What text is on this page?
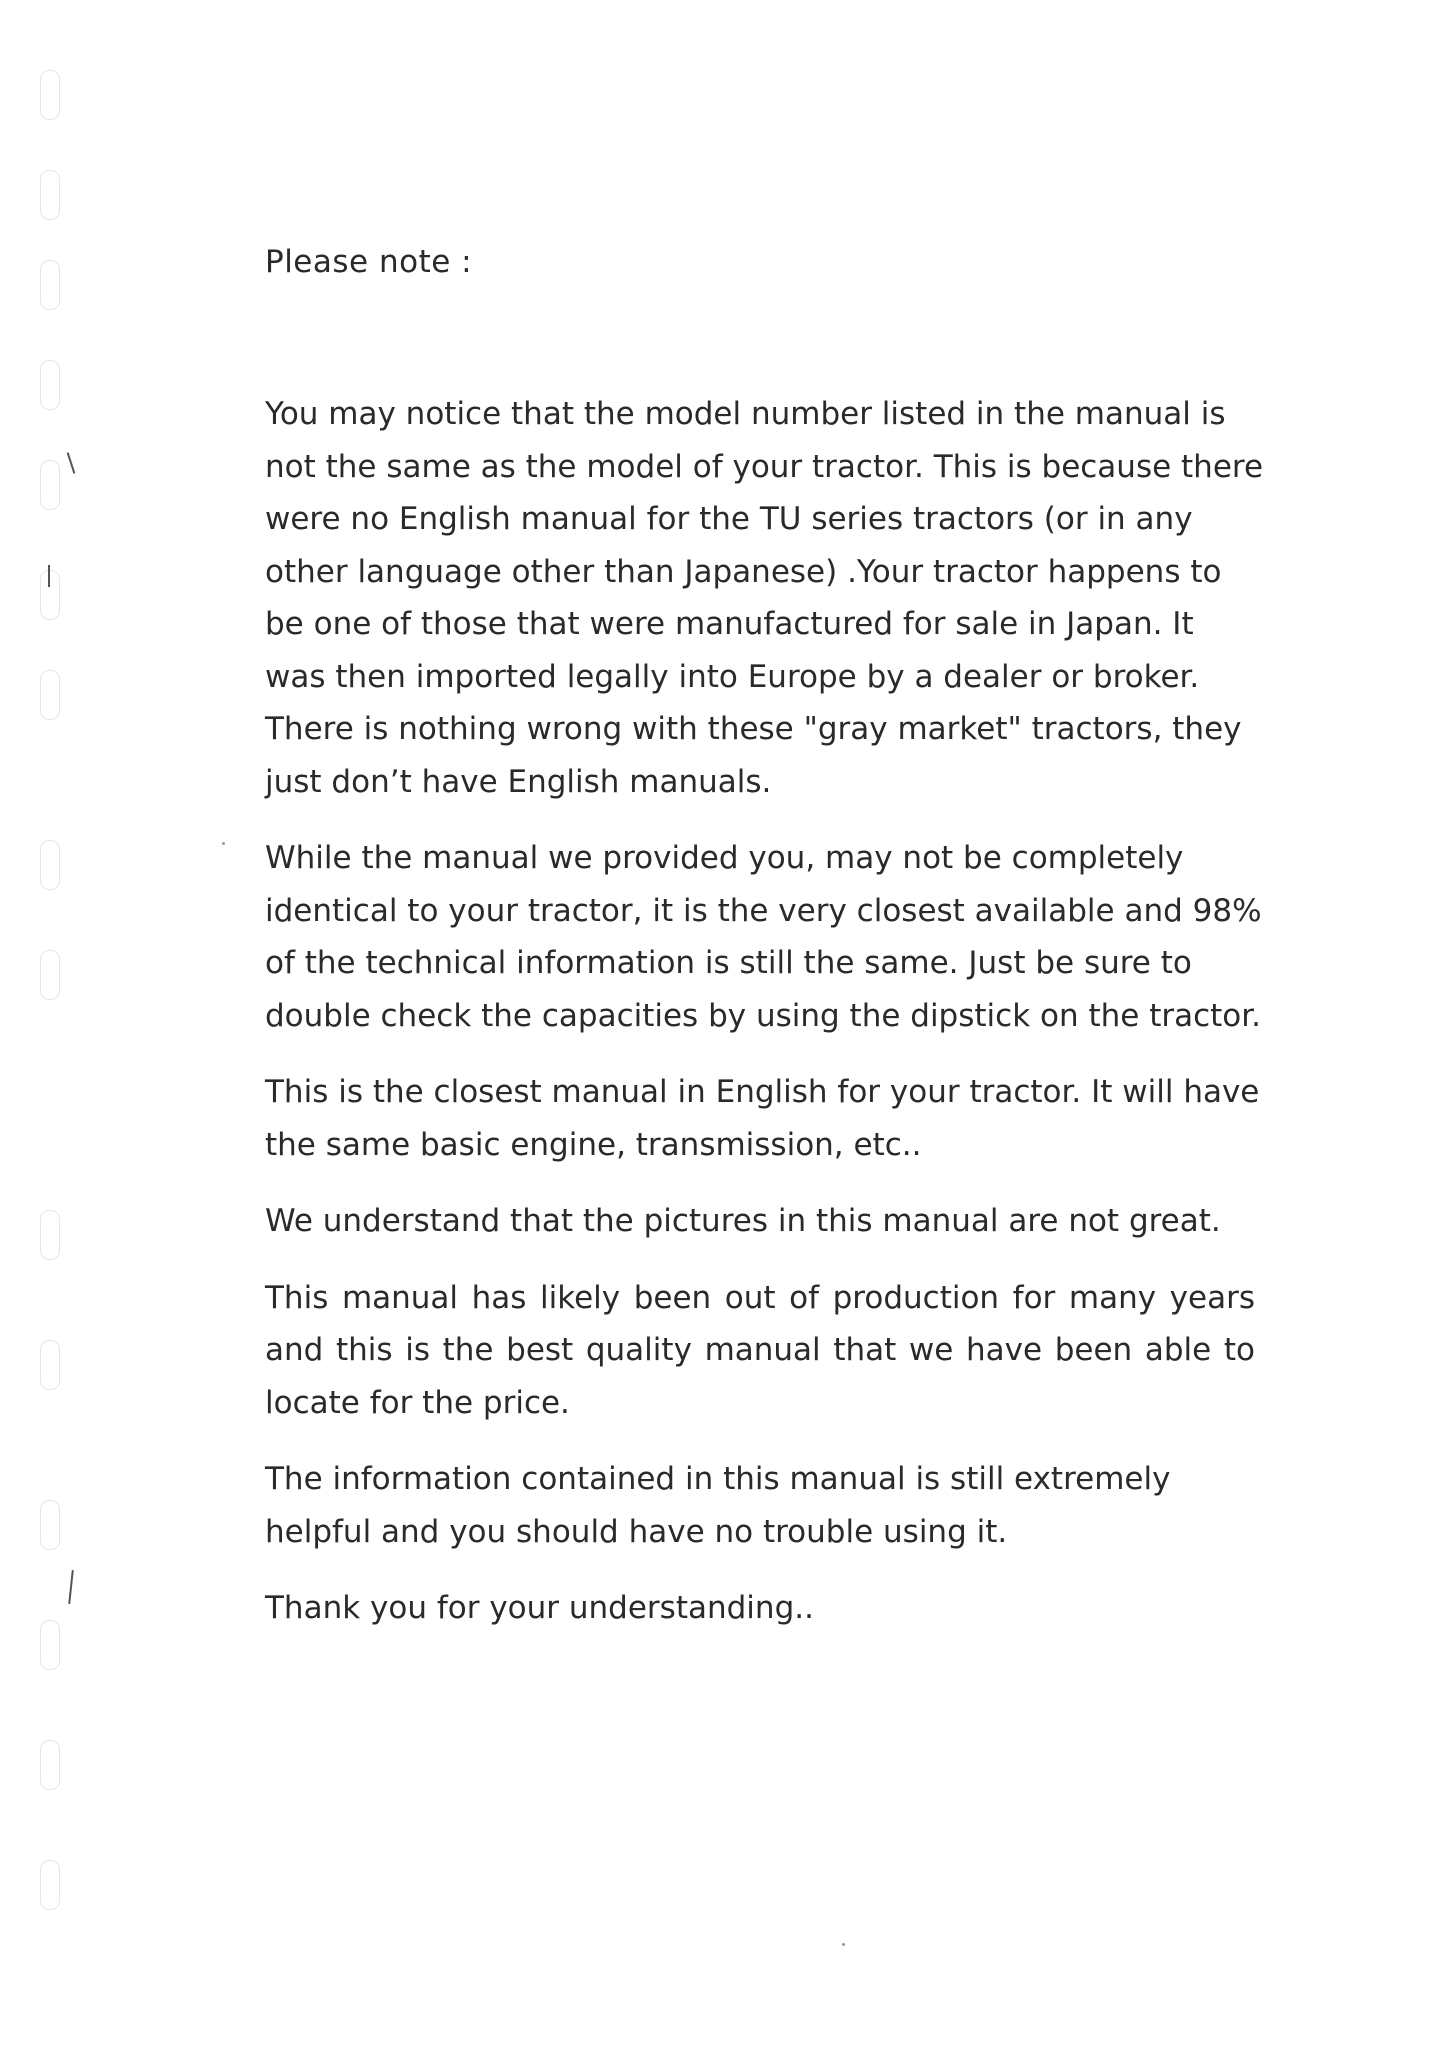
Please note :

You may notice that the model number listed in the manual is
not the same as the model of your tractor. This is because there
were no English manual for the TU series tractors (or in any
other language other than Japanese) .Your tractor happens to
be one of those that were manufactured for sale in Japan. It
was then imported legally into Europe by a dealer or broker.
There is nothing wrong with these "gray market" tractors, they
just don’t have English manuals.

While the manual we provided you, may not be completely
identical to your tractor, it is the very closest available and 98%
of the technical information is still the same. Just be sure to
double check the capacities by using the dipstick on the tractor.

This is the closest manual in English for your tractor. It will have
the same basic engine, transmission, etc..

We understand that the pictures in this manual are not great.

This manual has likely been out of production for many years
and this is the best quality manual that we have been able to
locate for the price.

The information contained in this manual is still extremely
helpful and you should have no trouble using it.

Thank you for your understanding..
